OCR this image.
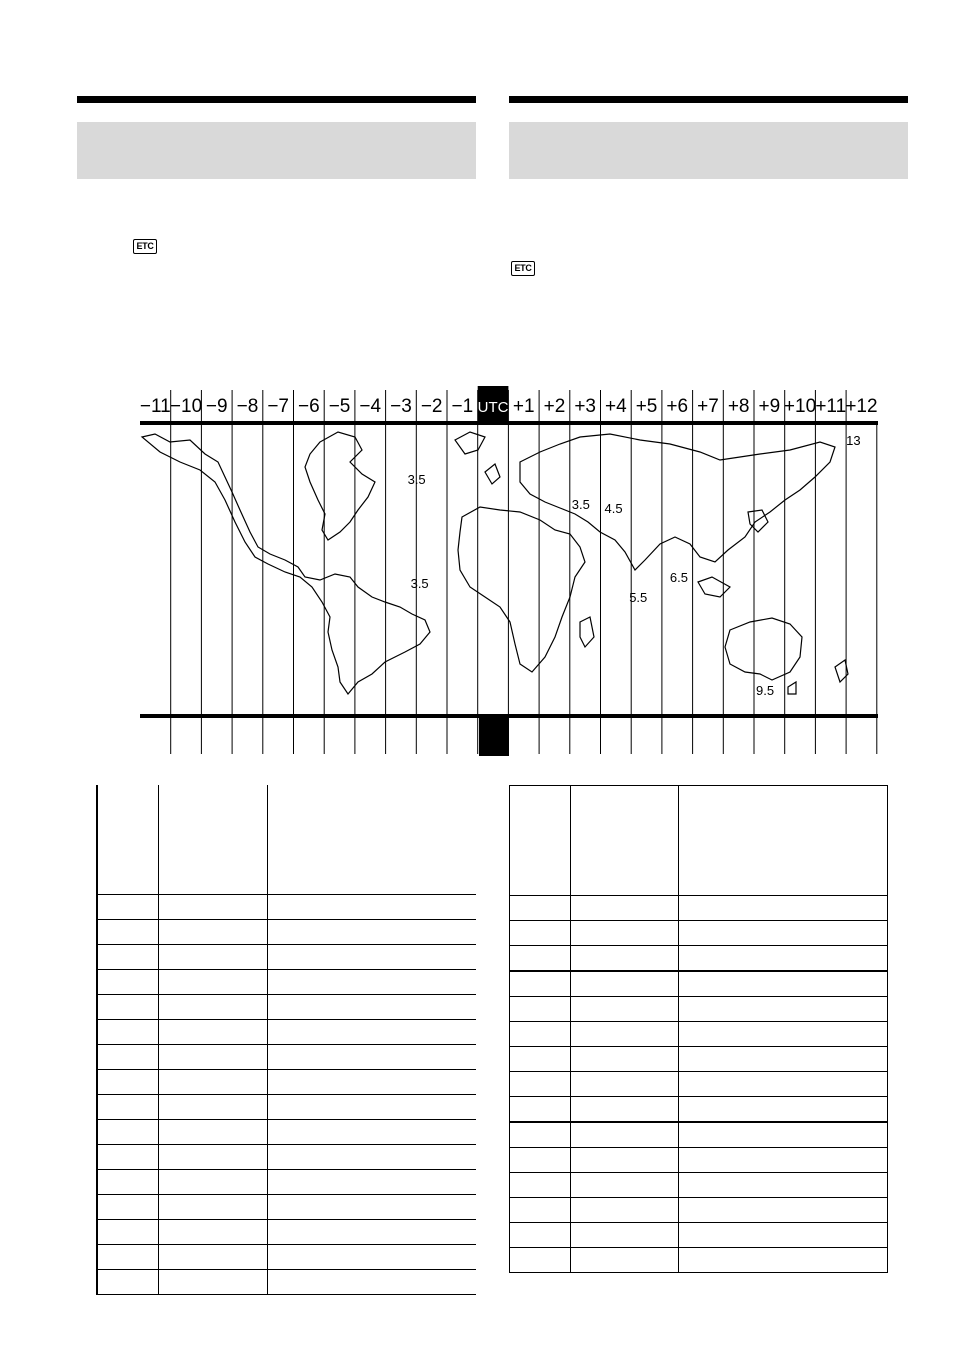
ETC
ETC
−11 −10 −9 −8 −7 −6 −5 −4 −3 −2 −1 UTC +1 +2 +3 +4 +5 +6 +7 +8 +9 +10 +11 +12
3.5
3.5
3.5 4.5
5.5
6.5
9.5
13
